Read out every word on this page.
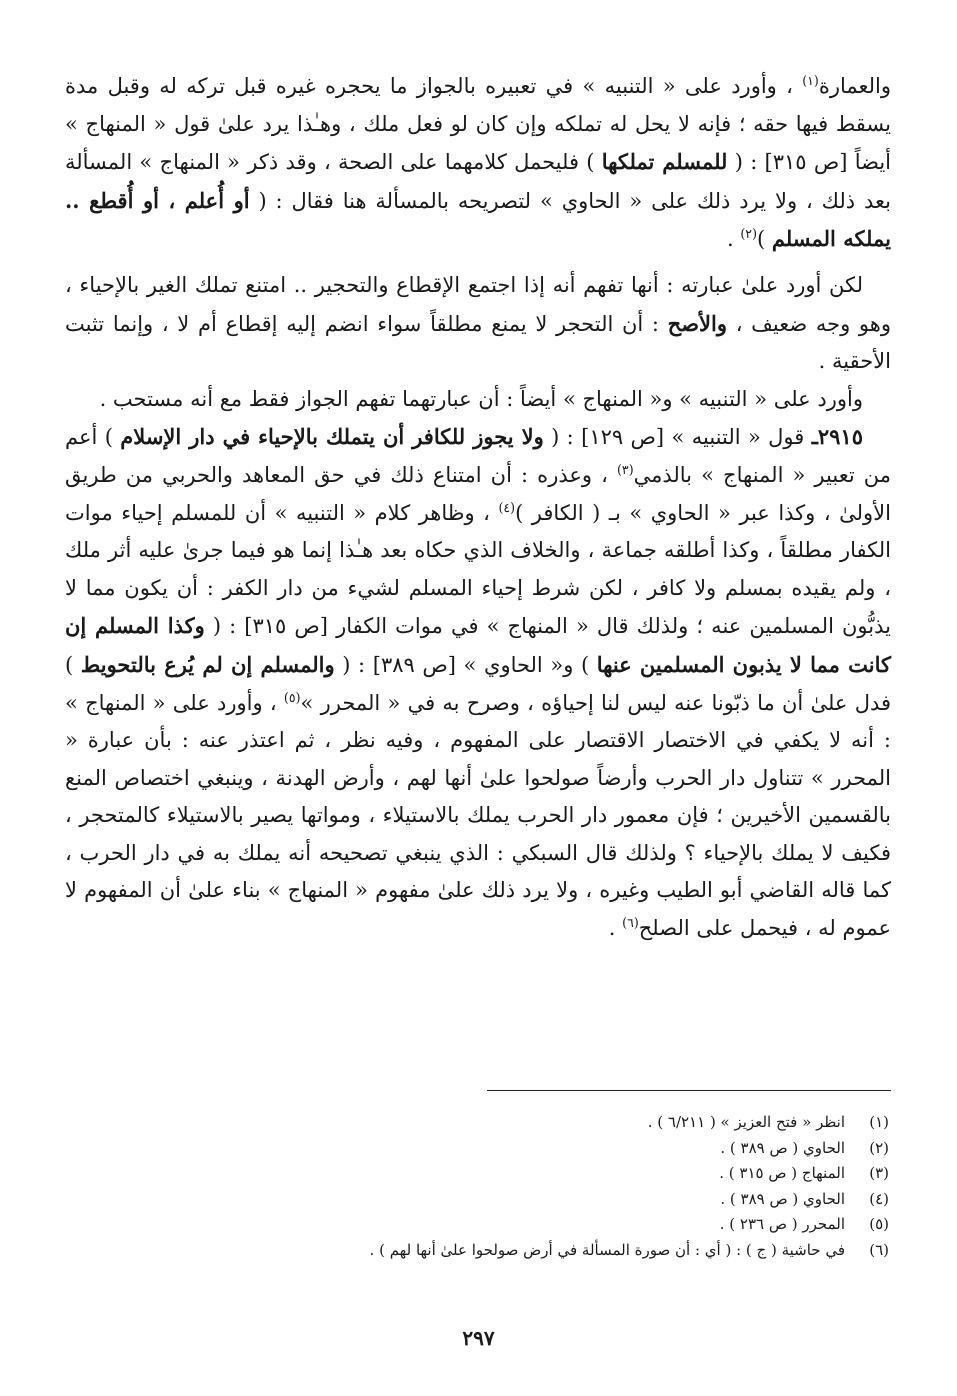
والعمارة$^{(١)}$ ، وأورد على « التنبيه » في تعبيره بالجواز ما يحجره غيره قبل تركه له وقبل مدة يسقط فيها حقه ؛ فإنه لا يحل له تملكه وإن كان لو فعل ملك ، وهـٰذا يرد علىٰ قول « المنهاج » أيضاً [ص ٣١٥] : ( للمسلم تملكها ) فليحمل كلامهما على الصحة ، وقد ذكر « المنهاج » المسألة بعد ذلك ، ولا يرد ذلك على « الحاوي » لتصريحه بالمسألة هنا فقال : ( أو أُعلم ، أو أُقطع .. يملكه المسلم )$^{(٢)}$ .

لكن أورد علىٰ عبارته : أنها تفهم أنه إذا اجتمع الإقطاع والتحجير .. امتنع تملك الغير بالإحياء ، وهو وجه ضعيف ، والأصح : أن التحجر لا يمنع مطلقاً سواء انضم إليه إقطاع أم لا ، وإنما تثبت الأحقية .

وأورد على « التنبيه » و« المنهاج » أيضاً : أن عبارتهما تفهم الجواز فقط مع أنه مستحب .

٢٩١٥ـ قول « التنبيه » [ص ١٢٩] : ( ولا يجوز للكافر أن يتملك بالإحياء في دار الإسلام ) أعم من تعبير « المنهاج » بالذمي$^{(٣)}$ ، وعذره : أن امتناع ذلك في حق المعاهد والحربي من طريق الأولىٰ ، وكذا عبر « الحاوي » بـ ( الكافر )$^{(٤)}$ ، وظاهر كلام « التنبيه » أن للمسلم إحياء موات الكفار مطلقاً ، وكذا أطلقه جماعة ، والخلاف الذي حكاه بعد هـٰذا إنما هو فيما جرىٰ عليه أثر ملك ، ولم يقيده بمسلم ولا كافر ، لكن شرط إحياء المسلم لشيء من دار الكفر : أن يكون مما لا يذبُّون المسلمين عنه ؛ ولذلك قال « المنهاج » في موات الكفار [ص ٣١٥] : ( وكذا المسلم إن كانت مما لا يذبون المسلمين عنها ) و« الحاوي » [ص ٣٨٩] : ( والمسلم إن لم يُرع بالتحويط ) فدل علىٰ أن ما ذبّونا عنه ليس لنا إحياؤه ، وصرح به في « المحرر »$^{(٥)}$ ، وأورد على « المنهاج » : أنه لا يكفي في الاختصار الاقتصار على المفهوم ، وفيه نظر ، ثم اعتذر عنه : بأن عبارة « المحرر » تتناول دار الحرب وأرضاً صولحوا علىٰ أنها لهم ، وأرض الهدنة ، وينبغي اختصاص المنع بالقسمين الأخيرين ؛ فإن معمور دار الحرب يملك بالاستيلاء ، ومواتها يصير بالاستيلاء كالمتحجر ، فكيف لا يملك بالإحياء ؟ ولذلك قال السبكي : الذي ينبغي تصحيحه أنه يملك به في دار الحرب ، كما قاله القاضي أبو الطيب وغيره ، ولا يرد ذلك علىٰ مفهوم « المنهاج » بناء علىٰ أن المفهوم لا عموم له ، فيحمل على الصلح$^{(٦)}$ .

(١)
انظر « فتح العزيز » ( ٦/٢١١ ) .
(٢)
الحاوي ( ص ٣٨٩ ) .
(٣)
المنهاج ( ص ٣١٥ ) .
(٤)
الحاوي ( ص ٣٨٩ ) .
(٥)
المحرر ( ص ٢٣٦ ) .
(٦)
في حاشية ( ج ) : ( أي : أن صورة المسألة في أرض صولحوا علىٰ أنها لهم ) .
٢٩٧
